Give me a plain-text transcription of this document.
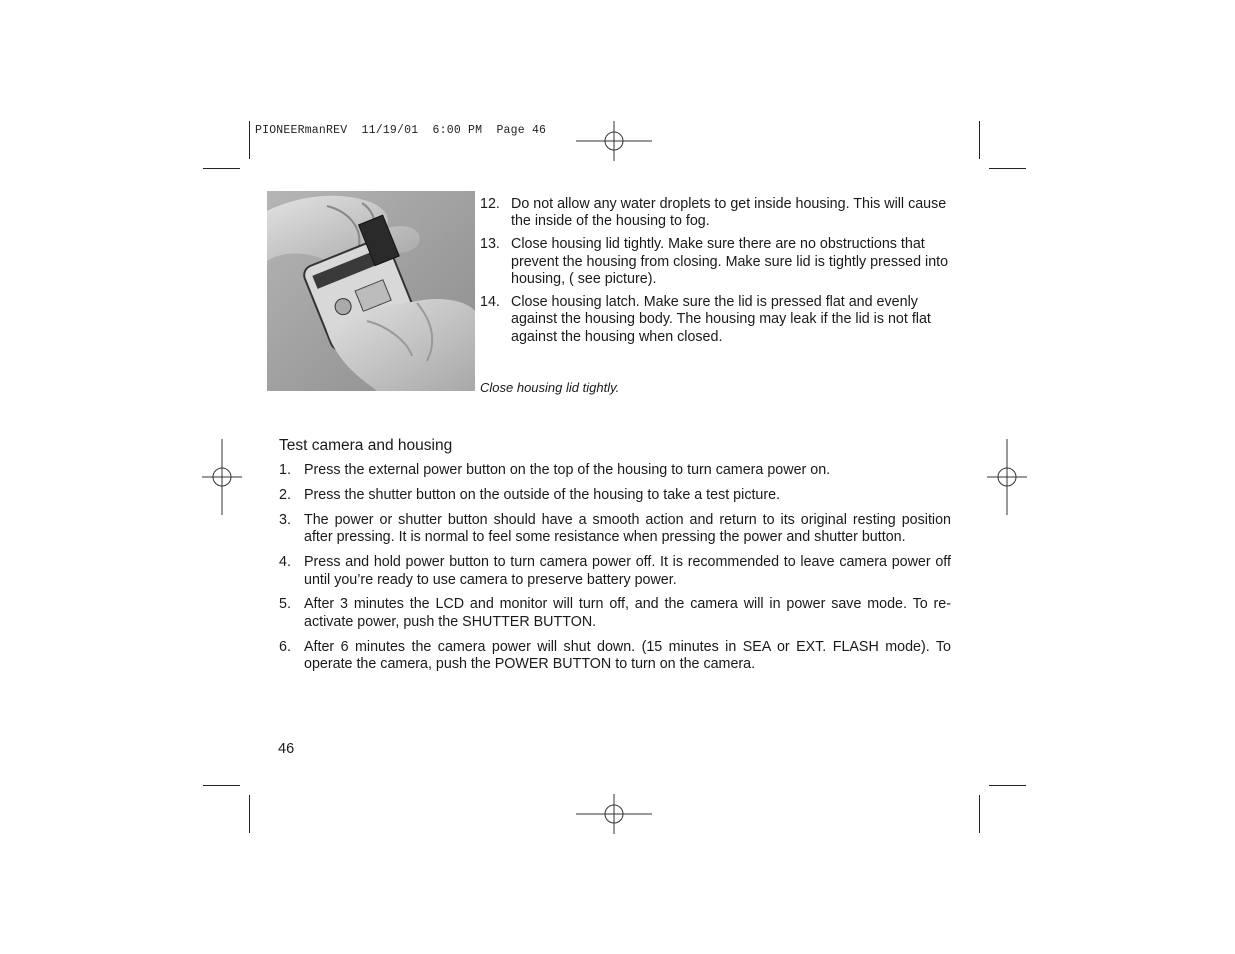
PIONEERmanREV  11/19/01  6:00 PM  Page 46
12. Do not allow any water droplets to get inside housing. This will cause the inside of the housing to fog.
13. Close housing lid tightly. Make sure there are no obstructions that prevent the housing from closing. Make sure lid is tightly pressed into housing, ( see picture).
14. Close housing latch. Make sure the lid is pressed flat and evenly against the housing body. The housing may leak if the lid is not flat against the housing when closed.
Close housing lid tightly.
Test camera and housing
1. Press the external power button on the top of the housing to turn camera power on.
2. Press the shutter button on the outside of the housing to take a test picture.
3. The power or shutter button should have a smooth action and return to its original resting position after pressing. It is normal to feel some resistance when pressing the power and shutter button.
4. Press and hold power button to turn camera power off. It is recommended to leave camera power off until you’re ready to use camera to preserve battery power.
5. After 3 minutes the LCD and monitor will turn off, and the camera will in power save mode. To re-activate power, push the SHUTTER BUTTON.
6. After 6 minutes the camera power will shut down. (15 minutes in SEA or EXT. FLASH mode). To operate the camera, push the POWER BUTTON to turn on the camera.
46
